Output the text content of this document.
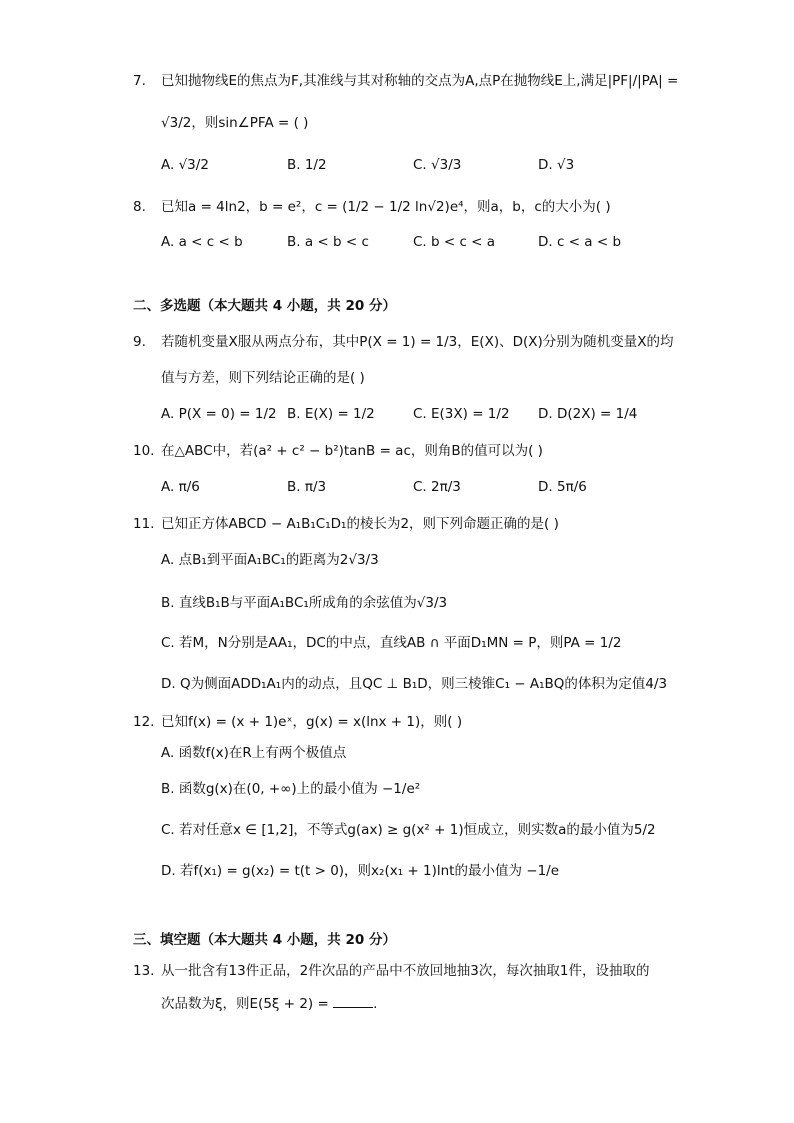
7. 已知抛物线E的焦点为F,其准线与其对称轴的交点为A,点P在抛物线E上,满足|PF|/|PA| =
√3/2，则sin∠PFA = ( )
A. √3/2	B. 1/2	C. √3/3	D. √3
8. 已知a = 4ln2，b = e²，c = (1/2 − 1/2 ln√2)e⁴，则a，b，c的大小为( )
A. a < c < b	B. a < b < c	C. b < c < a	D. c < a < b
二、多选题（本大题共 4 小题，共 20 分）
9. 若随机变量X服从两点分布，其中P(X = 1) = 1/3，E(X)、D(X)分别为随机变量X的均
值与方差，则下列结论正确的是( )
A. P(X = 0) = 1/2 B. E(X) = 1/2	C. E(3X) = 1/2 D. D(2X) = 1/4
10. 在△ABC中，若(a² + c² − b²)tanB = ac，则角B的值可以为( )
A. π/6	B. π/3	C. 2π/3	D. 5π/6
11. 已知正方体ABCD − A₁B₁C₁D₁的棱长为2，则下列命题正确的是( )
A. 点B₁到平面A₁BC₁的距离为2√3/3
B. 直线B₁B与平面A₁BC₁所成角的余弦值为√3/3
C. 若M，N分别是AA₁，DC的中点，直线AB ∩ 平面D₁MN = P，则PA = 1/2
D. Q为侧面ADD₁A₁内的动点，且QC ⊥ B₁D，则三棱锥C₁ − A₁BQ的体积为定值4/3
12. 已知f(x) = (x + 1)eˣ，g(x) = x(lnx + 1)，则( )
A. 函数f(x)在R上有两个极值点
B. 函数g(x)在(0, +∞)上的最小值为 −1/e²
C. 若对任意x ∈ [1,2]，不等式g(ax) ≥ g(x² + 1)恒成立，则实数a的最小值为5/2
D. 若f(x₁) = g(x₂) = t(t > 0)，则x₂(x₁ + 1)lnt的最小值为 −1/e
三、填空题（本大题共 4 小题，共 20 分）
13. 从一批含有13件正品，2件次品的产品中不放回地抽3次，每次抽取1件，设抽取的
次品数为ξ，则E(5ξ + 2) =	.
